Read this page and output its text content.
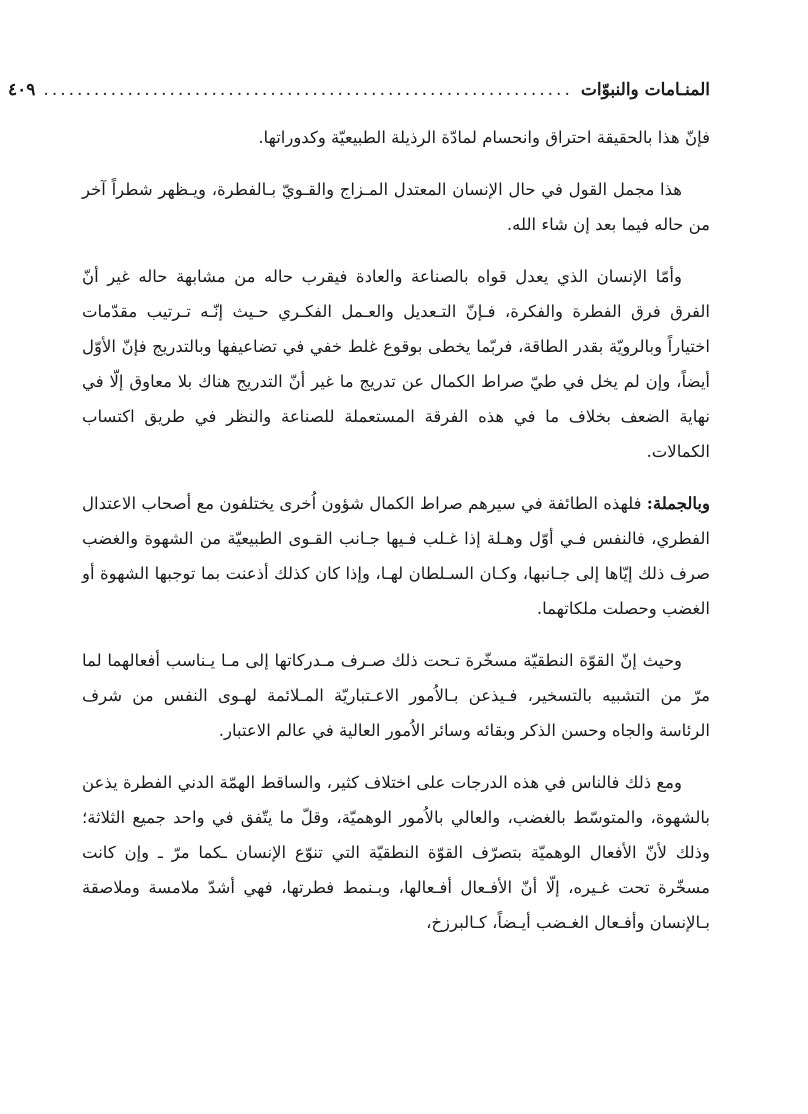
المنـامات والنبوّات
...............................................................
٤٠٩

فإنّ هذا بالحقيقة احتراق وانحسام لمادّة الرذيلة الطبيعيّة وكدوراتها.

هذا مجمل القول في حال الإنسان المعتدل المـزاج والقـويّ بـالفطرة، ويـظهر شطراً آخر من حاله فيما بعد إن شاء الله.

وأمّا الإنسان الذي يعدل قواه بالصناعة والعادة فيقرب حاله من مشابهة حاله غير أنّ الفرق فرق الفطرة والفكرة، فـإنّ التـعديل والعـمل الفكـري حـيث إنّـه تـرتيب مقدّمات اختياراً وبالرويّة بقدر الطاقة، فربّما يخطى بوقوع غلط خفي في تضاعيفها وبالتدريج فإنّ الأوّل أيضاً، وإن لم يخل في طيّ صراط الكمال عن تدريج ما غير أنّ التدريج هناك بلا معاوق إلّا في نهاية الضعف بخلاف ما في هذه الفرقة المستعملة للصناعة والنظر في طريق اكتساب الكمالات.

وبالجملة: فلهذه الطائفة في سيرهم صراط الكمال شؤون اُخرى يختلفون مع أصحاب الاعتدال الفطري، فالنفس فـي أوّل وهـلة إذا غـلب فـيها جـانب القـوى الطبيعيّة من الشهوة والغضب صرف ذلك إيّاها إلى جـانبها، وكـان السـلطان لهـا، وإذا كان كذلك أذعنت بما توجبها الشهوة أو الغضب وحصلت ملكاتهما.

وحيث إنّ القوّة النطقيّة مسخّرة تـحت ذلك صـرف مـدركاتها إلى مـا يـناسب أفعالهما لما مرّ من التشبيه بالتسخير، فـيذعن بـالاُمور الاعـتباريّة المـلائمة لهـوى النفس من شرف الرئاسة والجاه وحسن الذكر وبقائه وسائر الاُمور العالية في عالم الاعتبار.

ومع ذلك فالناس في هذه الدرجات على اختلاف كثير، والساقط الهمّة الدني الفطرة يذعن بالشهوة، والمتوسّط بالغضب، والعالي بالاُمور الوهميّة، وقلّ ما يتّفق في واحد جميع الثلاثة؛ وذلك لأنّ الأفعال الوهميّة بتصرّف القوّة النطقيّة التي تنوّع الإنسان ـكما مرّ ـ وإن كانت مسخّرة تحت غـيره، إلّا أنّ الأفـعال أفـعالها، وبـنمط فطرتها، فهي أشدّ ملامسة وملاصقة بـالإنسان وأفـعال الغـضب أيـضاً، كـالبرزخ،
